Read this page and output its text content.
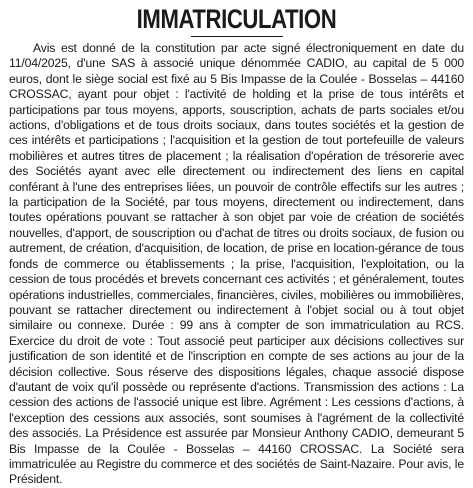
IMMATRICULATION

Avis est donné de la constitution par acte signé électroniquement en date du 11/04/2025, d'une SAS à associé unique dénommée CADIO, au capital de 5 000 euros, dont le siège social est fixé au 5 Bis Impasse de la Coulée - Bosselas – 44160 CROSSAC, ayant pour objet : l'activité de holding et la prise de tous intérêts et participations par tous moyens, apports, souscription, achats de parts sociales et/ou actions, d'obligations et de tous droits sociaux, dans toutes sociétés et la gestion de ces intérêts et participations ; l'acquisition et la gestion de tout portefeuille de valeurs mobilières et autres titres de placement ; la réalisation d'opération de trésorerie avec des Sociétés ayant avec elle directement ou indirectement des liens en capital conférant à l'une des entreprises liées, un pouvoir de contrôle effectifs sur les autres ; la participation de la Société, par tous moyens, directement ou indirectement, dans toutes opérations pouvant se rattacher à son objet par voie de création de sociétés nouvelles, d'apport, de souscription ou d'achat de titres ou droits sociaux, de fusion ou autrement, de création, d'acquisition, de location, de prise en location-gérance de tous fonds de commerce ou établissements ; la prise, l'acquisition, l'exploitation, ou la cession de tous procédés et brevets concernant ces activités ; et généralement, toutes opérations industrielles, commerciales, financières, civiles, mobilières ou immobilières, pouvant se rattacher directement ou indirectement à l'objet social ou à tout objet similaire ou connexe. Durée : 99 ans à compter de son immatriculation au RCS. Exercice du droit de vote : Tout associé peut participer aux décisions collectives sur justification de son identité et de l'inscription en compte de ses actions au jour de la décision collective. Sous réserve des dispositions légales, chaque associé dispose d'autant de voix qu'il possède ou représente d'actions. Transmission des actions : La cession des actions de l'associé unique est libre. Agrément : Les cessions d'actions, à l'exception des cessions aux associés, sont soumises à l'agrément de la collectivité des associés. La Présidence est assurée par Monsieur Anthony CADIO, demeurant 5 Bis Impasse de la Coulée - Bosselas – 44160 CROSSAC. La Société sera immatriculée au Registre du commerce et des sociétés de Saint-Nazaire. Pour avis, le Président.
